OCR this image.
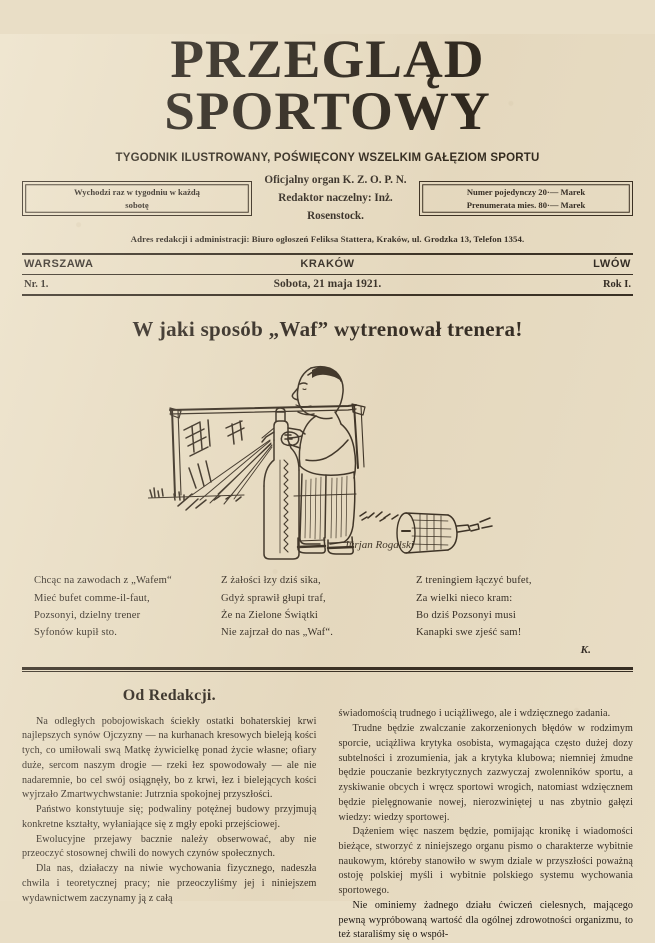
PRZEGLĄD SPORTOWY
TYGODNIK ILUSTROWANY, POŚWIĘCONY WSZELKIM GAŁĘZIOM SPORTU
Wychodzi raz w tygodniu w każdą
sobotę
Oficjalny organ K. Z. O. P. N.
Redaktor naczelny: Inż. Rosenstock.
Numer pojedynczy 20·— Marek
Prenumerata mies. 80·— Marek
Adres redakcji i administracji: Biuro ogłoszeń Feliksa Stattera, Kraków, ul. Grodzka 13, Telefon 1354.
WARSZAWA	KRAKÓW	LWÓW
Nr. 1.	Sobota, 21 maja 1921.	Rok I.
W jaki sposób „Waf” wytrenował trenera!
Jurjan Rogalski
Chcąc na zawodach z „Wafem“
Mieć bufet comme-il-faut,
Pozsonyi, dzielny trener
Syfonów kupił sto.
Z żałości łzy dziś sika,
Gdyż sprawił głupi traf,
Że na Zielone Świątki
Nie zajrzał do nas „Waf“.
Z treningiem łączyć bufet,
Za wielki nieco kram:
Bo dziś Pozsonyi musi
Kanapki swe zjeść sam!
K.
Od Redakcji.

Na odległych pobojowiskach ściekły ostatki bohaterskiej krwi najlepszych synów Ojczyzny — na kurhanach kresowych bieleją kości tych, co umiłowali swą Matkę żywicielkę ponad życie własne; ofiary duże, sercom naszym drogie — rzeki łez spowodowały — ale nie nadaremnie, bo cel swój osiągnęły, bo z krwi, łez i bielejących kości wyjrzało Zmartwychwstanie: Jutrznia spokojnej przyszłości.

Państwo konstytuuje się; podwaliny potężnej budowy przyjmują konkretne kształty, wyłaniające się z mgły epoki przejściowej.

Ewolucyjne przejawy bacznie należy obserwować, aby nie przeoczyć stosownej chwili do nowych czynów społecznych.

Dla nas, działaczy na niwie wychowania fizycznego, nadeszła chwila i teoretycznej pracy; nie przeoczyliśmy jej i niniejszem wydawnictwem zaczynamy ją z całą

świadomością trudnego i uciążliwego, ale i wdzięcznego zadania.

Trudne będzie zwalczanie zakorzenionych błędów w rodzimym sporcie, uciążliwa krytyka osobista, wymagająca często dużej dozy subtelności i zrozumienia, jak a krytyka klubowa; niemniej żmudne będzie pouczanie bezkrytycznych zazwyczaj zwolenników sportu, a zyskiwanie obcych i wręcz sportowi wrogich, natomiast wdzięcznem będzie pielęgnowanie nowej, nierozwiniętej u nas zbytnio gałęzi wiedzy: wiedzy sportowej.

Dążeniem więc naszem będzie, pomijając kronikę i wiadomości bieżące, stworzyć z niniejszego organu pismo o charakterze wybitnie naukowym, któreby stanowiło w swym dziale w przyszłości poważną ostoję polskiej myśli i wybitnie polskiego systemu wychowania sportowego.

Nie ominiemy żadnego działu ćwiczeń cielesnych, mającego pewną wypróbowaną wartość dla ogólnej zdrowotności organizmu, to też staraliśmy się o współ-
